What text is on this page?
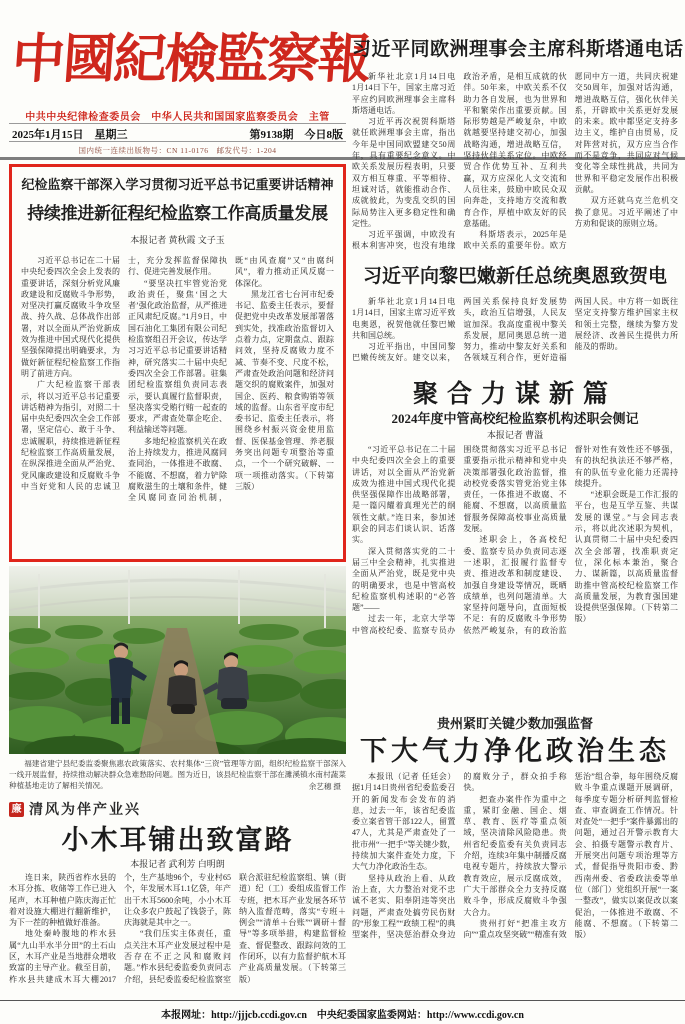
中國紀檢監察報
中共中央纪律检查委员会　中华人民共和国国家监察委员会　主管
2025年1月15日　星期三	第9138期　今日8版
国内统一连续出版物号：CN 11-0176　邮发代号：1-204
纪检监察干部深入学习贯彻习近平总书记重要讲话精神
持续推进新征程纪检监察工作高质量发展
本报记者 黄秋霞 文子玉

习近平总书记在二十届中央纪委四次全会上发表的重要讲话，深刻分析党风廉政建设和反腐败斗争形势，对坚决打赢反腐败斗争攻坚战、持久战、总体战作出部署，对以全面从严治党新成效为推进中国式现代化提供坚强保障提出明确要求，为做好新征程纪检监察工作指明了前进方向。

广大纪检监察干部表示，将以习近平总书记重要讲话精神为指引，对照二十届中央纪委四次全会工作部署，坚定信心、敢于斗争、忠诚履职，持续推进新征程纪检监察工作高质量发展，在纵深推进全面从严治党、党风廉政建设和反腐败斗争中当好党和人民的忠诚卫士，充分发挥监督保障执行、促进完善发展作用。

“要坚决扛牢管党治党政治责任，聚焦‘国之大者’强化政治监督，从严推进正风肃纪反腐。”1月9日，中国石油化工集团有限公司纪检监察组召开会议，传达学习习近平总书记重要讲话精神，研究落实二十届中央纪委四次全会工作部署。驻集团纪检监察组负责同志表示，要认真履行监督职责，坚决落实受贿行贿一起查的要求，严肃查处靠企吃企、利益输送等问题。

多地纪检监察机关在政治上持续发力，推进风腐同查同治，一体推进不敢腐、不能腐、不想腐，着力铲除腐败滋生的土壤和条件，健全风腐同查同治机制，既“由风查腐”又“由腐纠风”，着力推动正风反腐一体深化。

黑龙江省七台河市纪委书记、监委主任表示，要督促把党中央改革发展部署落到实处，找准政治监督切入点着力点，定期盘点、跟踪问效，坚持反腐败力度不减、节奏不变、尺度不松，严肃查处政治问题和经济问题交织的腐败案件，加强对国企、医药、粮食购销等领域的监督。山东省平度市纪委书记、监委主任表示，将围绕乡村振兴资金使用监督、医保基金管理、养老服务突出问题专项整治等重点，一个一个研究破解、一项一项推动落实。（下转第三版）

福建省建宁县纪委监委聚焦惠农政策落实、农村集体“三资”管理等方面，组织纪检监察干部深入一线开展监督，持续推动解决群众急难愁盼问题。图为近日，该县纪检监察干部在濉溪镇水南村蔬菜种植基地走访了解相关情况。	余艺穗 摄
廉 清风为伴产业兴
小木耳铺出致富路
本报记者 武利芳 白明朗

连日来，陕西省柞水县的木耳分拣、收储等工作已进入尾声，木耳种植户陈庆海正忙着对设施大棚进行翻新维护，为下一茬的种植做好准备。

地处秦岭腹地的柞水县属“九山半水半分田”的土石山区，木耳产业是当地群众增收致富的主导产业。截至目前，柞水县共建成木耳大棚2017个，生产基地96个，专业村65个，年发展木耳1.1亿袋，年产出干木耳5600余吨，小小木耳让众多农户鼓起了钱袋子，陈庆海就是其中之一。

“我们压实主体责任，重点关注木耳产业发展过程中是否存在不正之风和腐败问题。”柞水县纪委监委负责同志介绍，县纪委监委纪检监察室联合派驻纪检监察组、镇（街道）纪（工）委组成监督工作专班，把木耳产业发展各环节纳入监督范畴，落实“专班＋例会”“清单＋台账”“调研＋督导”等多项举措，构建监督检查、督促整改、跟踪问效的工作闭环，以有力监督护航木耳产业高质量发展。（下转第三版）

习近平同欧洲理事会主席科斯塔通电话

新华社北京1月14日电　1月14日下午，国家主席习近平应约同欧洲理事会主席科斯塔通电话。

习近平再次祝贺科斯塔就任欧洲理事会主席，指出今年是中国同欧盟建交50周年，具有重要纪念意义。中欧关系发展历程表明，只要双方相互尊重、平等相待、坦诚对话，就能推动合作、成就彼此，为变乱交织的国际局势注入更多稳定性和确定性。

习近平强调，中欧没有根本利害冲突，也没有地缘政治矛盾，是相互成就的伙伴。50年来，中欧关系不仅助力各自发展，也为世界和平和繁荣作出重要贡献。国际形势越是严峻复杂，中欧就越要坚持建交初心，加强战略沟通，增进战略互信，坚持伙伴关系定位。中欧经贸合作优势互补、互利共赢，双方应深化人文交流和人员往来，鼓励中欧民众双向奔赴，支持地方交流和教育合作，厚植中欧友好的民意基础。

科斯塔表示，2025年是欧中关系的重要年份。欧方愿同中方一道，共同庆祝建交50周年，加强对话沟通，增进战略互信，强化伙伴关系，开辟欧中关系更好发展的未来。欧中都坚定支持多边主义，维护自由贸易，反对阵营对抗，双方应当合作而不是竞争，共同应对气候变化等全球性挑战，共同为世界和平稳定发展作出积极贡献。

双方还就乌克兰危机交换了意见。习近平阐述了中方劝和促谈的原则立场。

习近平向黎巴嫩新任总统奥恩致贺电

新华社北京1月14日电　1月14日，国家主席习近平致电奥恩，祝贺他就任黎巴嫩共和国总统。

习近平指出，中国同黎巴嫩传统友好。建交以来，两国关系保持良好发展势头，政治互信增强，人民友谊加深。我高度重视中黎关系发展，愿同奥恩总统一道努力，推动中黎友好关系和各领域互利合作，更好造福两国人民。中方将一如既往坚定支持黎方维护国家主权和领土完整，继续为黎方发展经济、改善民生提供力所能及的帮助。

聚合力谋新篇
2024年度中管高校纪检监察机构述职会侧记
本报记者 曹溢

“习近平总书记在二十届中央纪委四次全会上的重要讲话，对以全面从严治党新成效为推进中国式现代化提供坚强保障作出战略部署，是一篇闪耀着真理光芒的纲领性文献。”连日来，参加述职会的同志们谈认识、话落实。

深入贯彻落实党的二十届三中全会精神，扎实推进全面从严治党，既是党中央的明确要求，也是中管高校纪检监察机构述职的“必答题”——

过去一年，北京大学等中管高校纪委、监察专员办围绕贯彻落实习近平总书记重要指示批示精神和党中央决策部署强化政治监督，推动校党委落实管党治党主体责任，一体推进不敢腐、不能腐、不想腐，以高质量监督服务保障高校事业高质量发展。

述职会上，各高校纪委、监察专员办负责同志逐一述职，汇报履行监督专责、推进改革和制度建设、加强自身建设等情况，既晒成绩单，也列问题清单。大家坚持问题导向，直面短板不足：有的反腐败斗争形势依然严峻复杂，有的政治监督针对性有效性还不够强，有的执纪执法还不够严格，有的队伍专业化能力还需持续提升。

“述职会既是工作汇报的平台，也是互学互鉴、共谋发展的课堂。”与会同志表示，将以此次述职为契机，认真贯彻二十届中央纪委四次全会部署，找准职责定位，深化标本兼治，聚合力、谋新篇，以高质量监督助推中管高校纪检监察工作高质量发展，为教育强国建设提供坚强保障。（下转第二版）

贵州紧盯关键少数加强监督
下大气力净化政治生态

本报讯（记者 任廷会）据1月14日贵州省纪委监委召开的新闻发布会发布的消息，过去一年，该省纪委监委立案省管干部122人，留置47人，尤其是严肃查处了一批市州“一把手”等关键少数，持续加大案件查处力度，下大气力净化政治生态。

坚持从政治上看、从政治上查，大力整治对党不忠诚不老实、阳奉阴违等突出问题，严肃查处搞劳民伤财的“形象工程”“政绩工程”的典型案件，坚决惩治群众身边的腐败分子，群众拍手称快。

把查办案件作为重中之重，紧盯金融、国企、烟草、教育、医疗等重点领域，坚决清除风险隐患。贵州省纪委监委有关负责同志介绍，连续3年集中制播反腐电视专题片，持续放大警示教育效应，展示反腐成效，广大干部群众全力支持反腐败斗争，形成反腐败斗争强大合力。

贵州打好“把准主攻方向”“重点攻坚突破”“精准有效惩治”组合拳，每年围绕反腐败斗争重点课题开展调研，每季度专题分析研判监督检查、审查调查工作情况。针对查处“一把手”案件暴露出的问题，通过召开警示教育大会、拍摄专题警示教育片、开展突出问题专项治理等方式，督促指导贵阳市委、黔西南州委、省委政法委等单位（部门）党组织开展“一案一整改”，做实以案促改以案促治，一体推进不敢腐、不能腐、不想腐。（下转第二版）

本报网址：http://jjjcb.ccdi.gov.cn　中央纪委国家监委网站：http://www.ccdi.gov.cn
